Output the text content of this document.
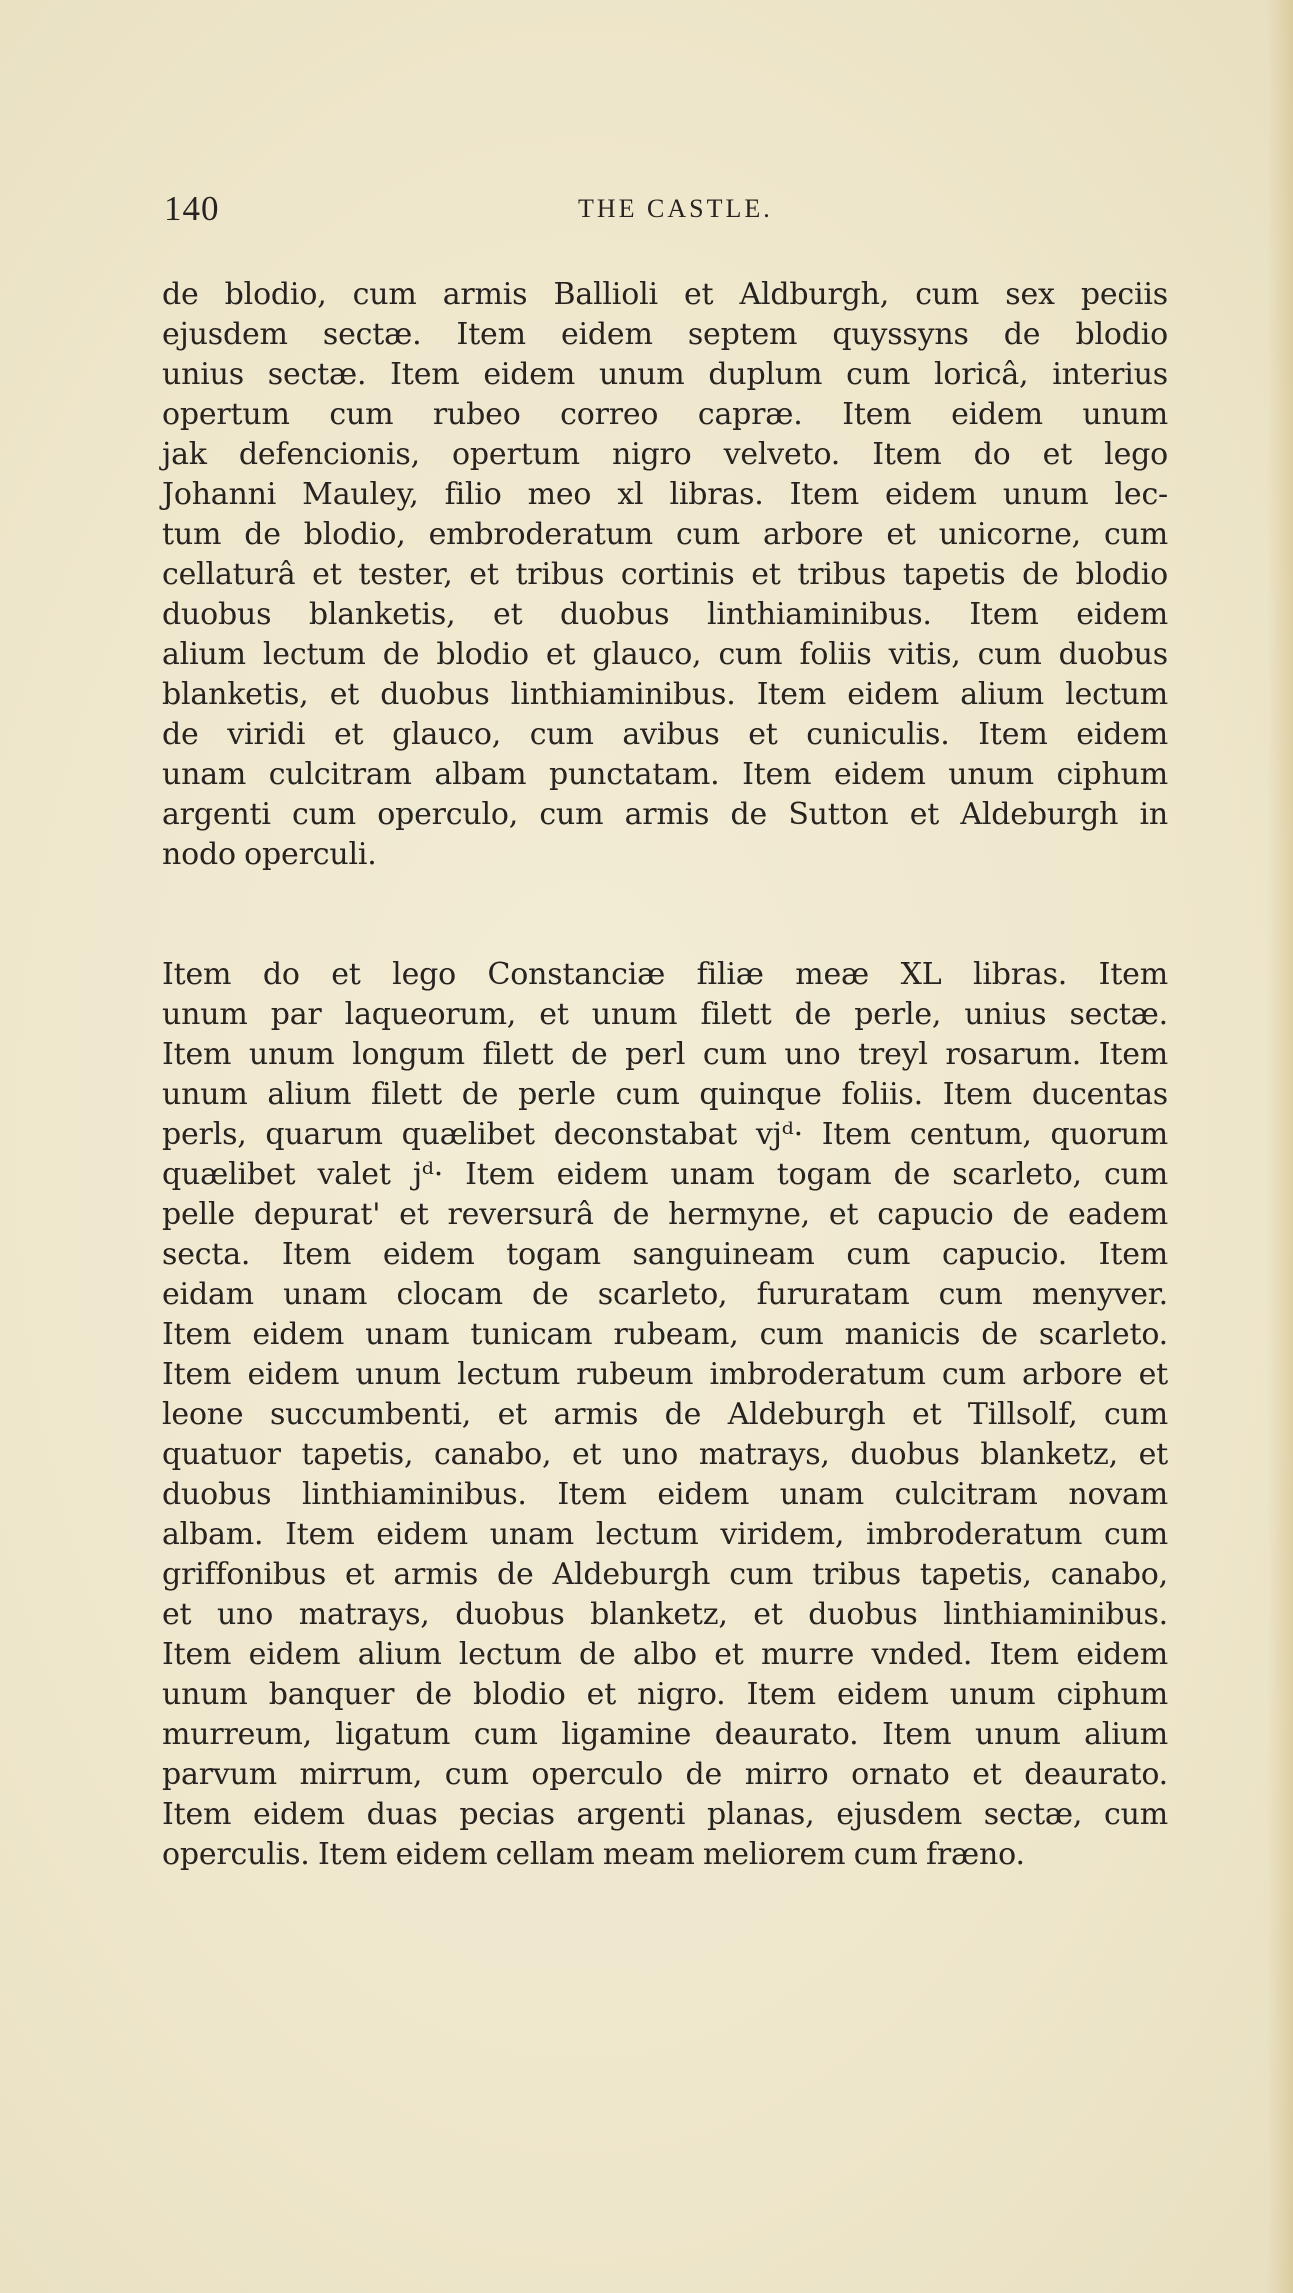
140	THE CASTLE.
de blodio, cum armis Ballioli et Aldburgh, cum sex peciis
ejusdem sectæ. Item eidem septem quyssyns de blodio
unius sectæ. Item eidem unum duplum cum loricâ, interius
opertum cum rubeo correo capræ. Item eidem unum
jak defencionis, opertum nigro velveto. Item do et lego
Johanni Mauley, filio meo xl libras. Item eidem unum lec-
tum de blodio, embroderatum cum arbore et unicorne, cum
cellaturâ et tester, et tribus cortinis et tribus tapetis de blodio
duobus blanketis, et duobus linthiaminibus. Item eidem
alium lectum de blodio et glauco, cum foliis vitis, cum duobus
blanketis, et duobus linthiaminibus. Item eidem alium lectum
de viridi et glauco, cum avibus et cuniculis. Item eidem
unam culcitram albam punctatam. Item eidem unum ciphum
argenti cum operculo, cum armis de Sutton et Aldeburgh in
nodo operculi.
Item do et lego Constanciæ filiæ meæ XL libras. Item
unum par laqueorum, et unum filett de perle, unius sectæ.
Item unum longum filett de perl cum uno treyl rosarum. Item
unum alium filett de perle cum quinque foliis. Item ducentas
perls, quarum quælibet deconstabat vjᵈ· Item centum, quorum
quælibet valet jᵈ· Item eidem unam togam de scarleto, cum
pelle depurat' et reversurâ de hermyne, et capucio de eadem
secta. Item eidem togam sanguineam cum capucio. Item
eidam unam clocam de scarleto, fururatam cum menyver.
Item eidem unam tunicam rubeam, cum manicis de scarleto.
Item eidem unum lectum rubeum imbroderatum cum arbore et
leone succumbenti, et armis de Aldeburgh et Tillsolf, cum
quatuor tapetis, canabo, et uno matrays, duobus blanketz, et
duobus linthiaminibus. Item eidem unam culcitram novam
albam. Item eidem unam lectum viridem, imbroderatum cum
griffonibus et armis de Aldeburgh cum tribus tapetis, canabo,
et uno matrays, duobus blanketz, et duobus linthiaminibus.
Item eidem alium lectum de albo et murre vnded. Item eidem
unum banquer de blodio et nigro. Item eidem unum ciphum
murreum, ligatum cum ligamine deaurato. Item unum alium
parvum mirrum, cum operculo de mirro ornato et deaurato.
Item eidem duas pecias argenti planas, ejusdem sectæ, cum
operculis. Item eidem cellam meam meliorem cum fræno.
